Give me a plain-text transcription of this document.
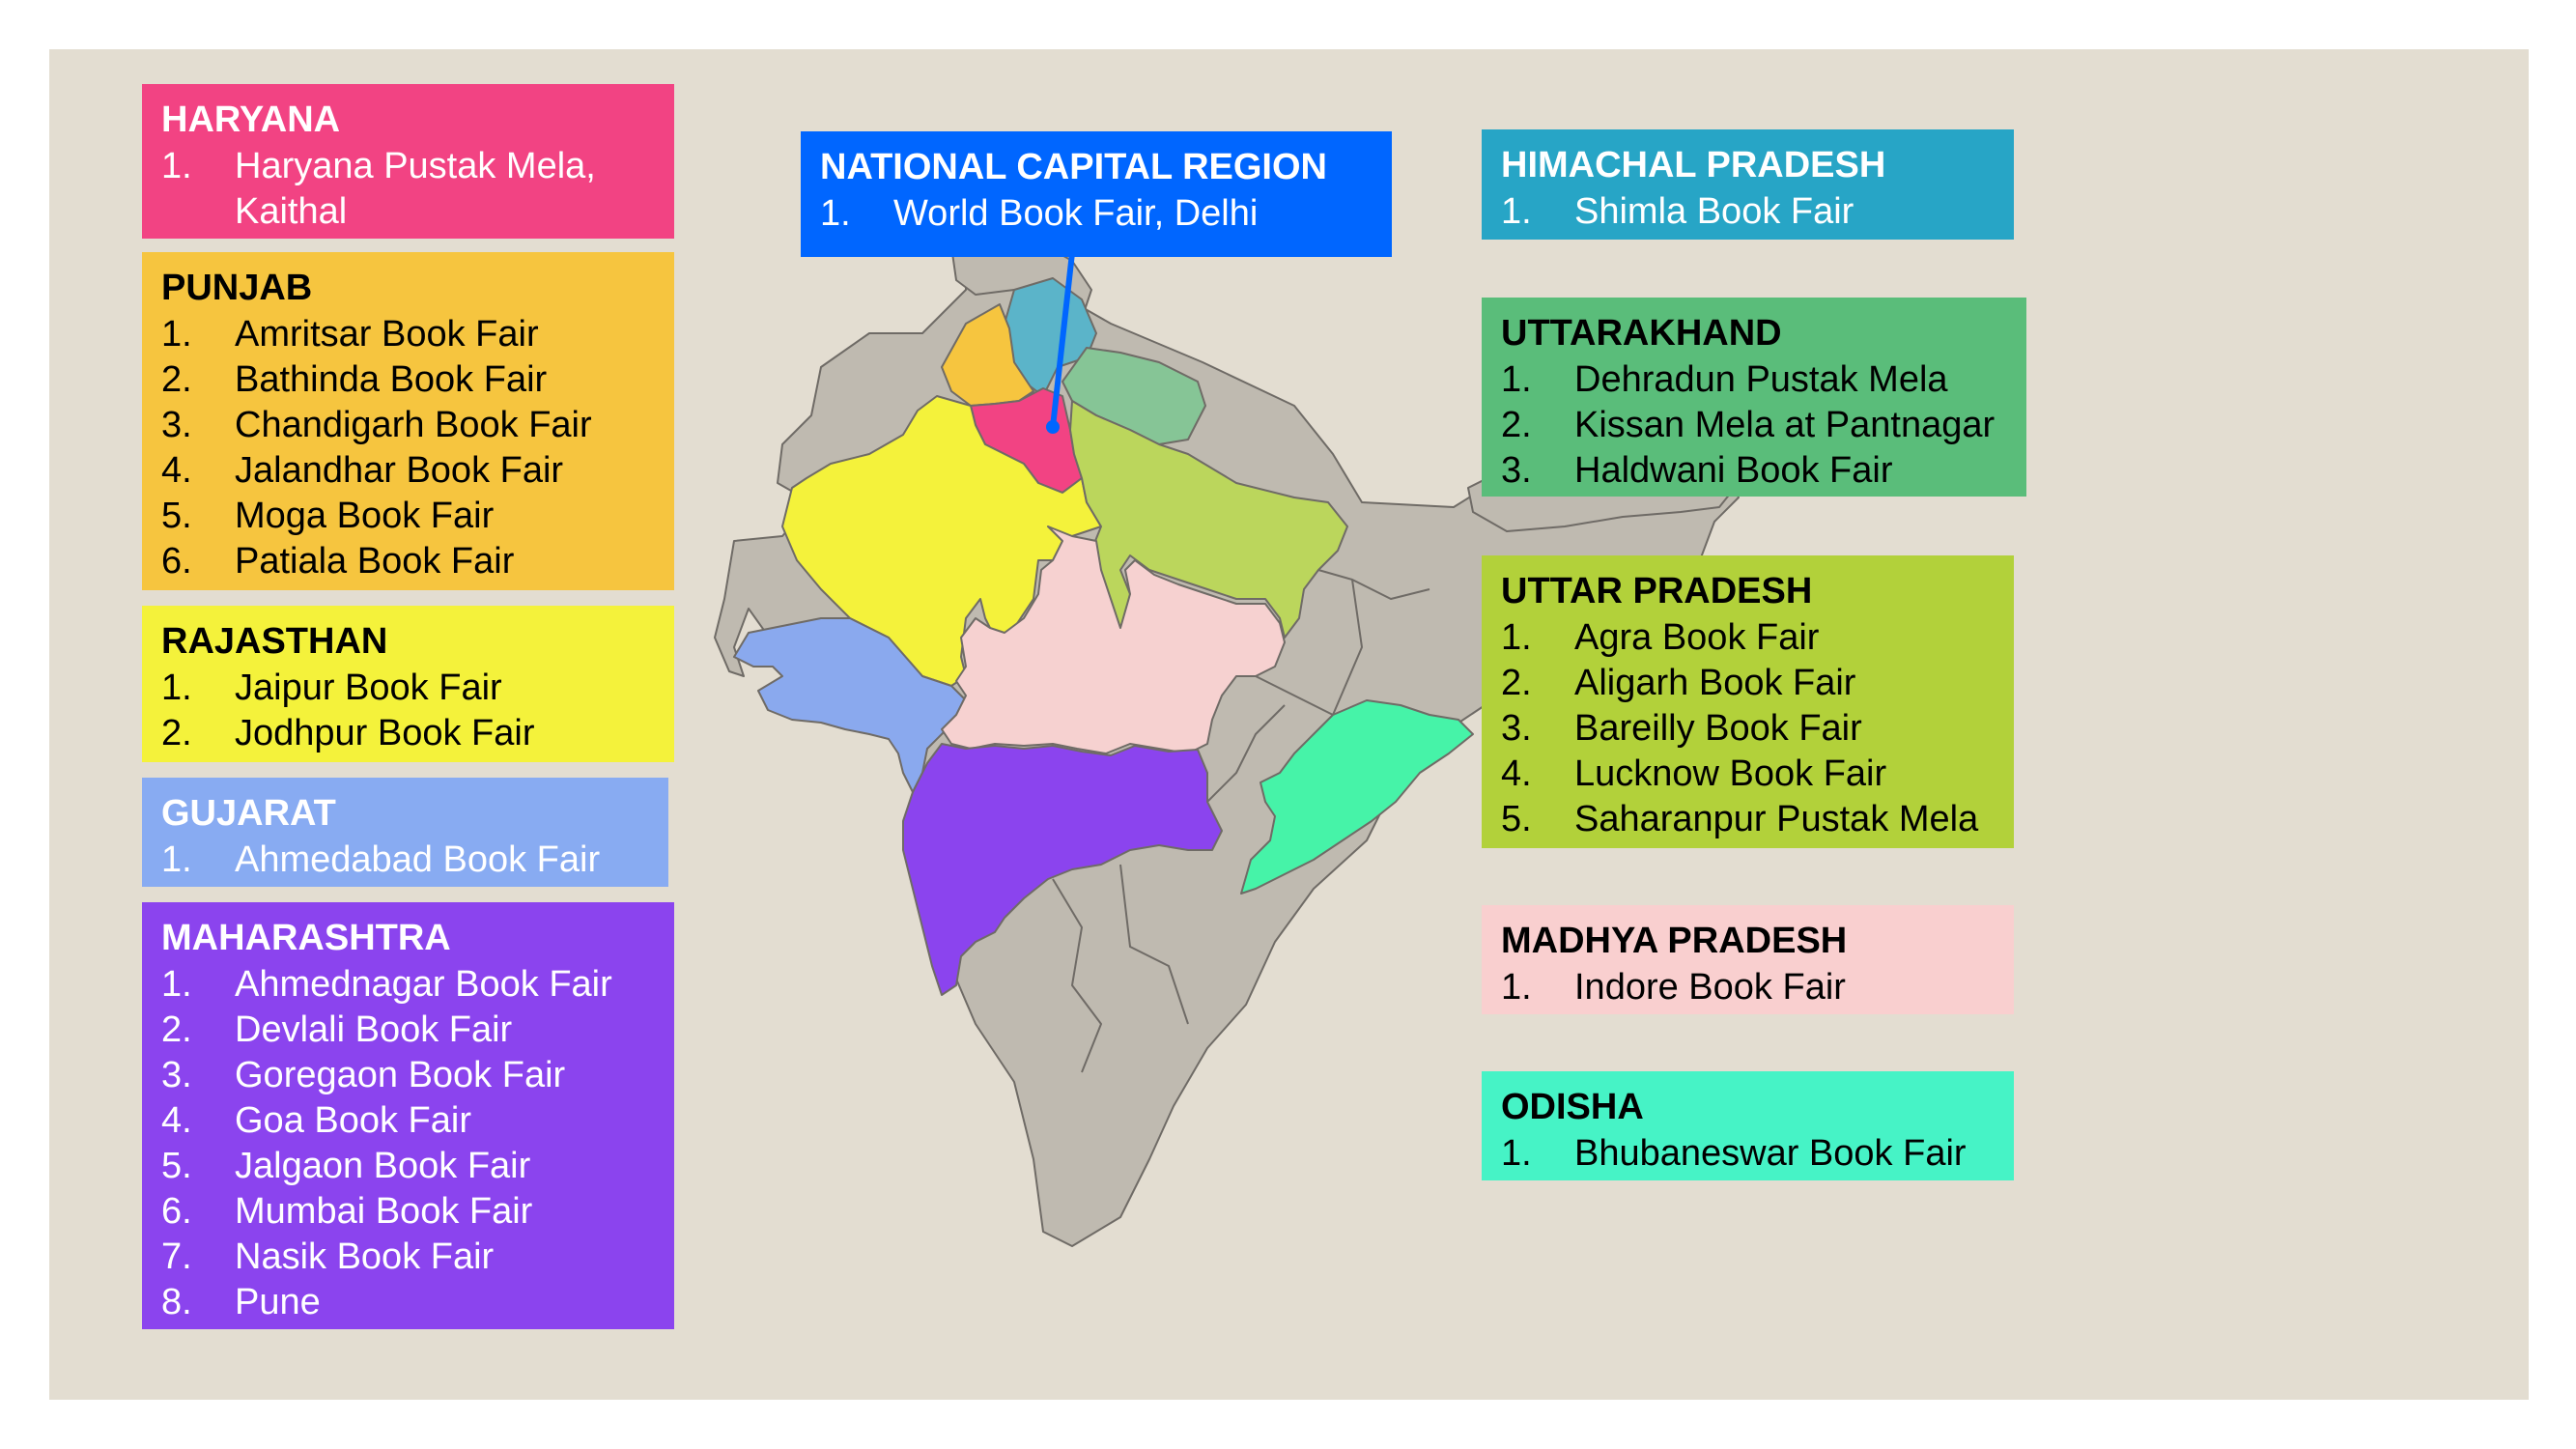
HARYANA
1. Haryana Pustak Mela,
Kaithal
PUNJAB
1. Amritsar Book Fair
2. Bathinda Book Fair
3. Chandigarh Book Fair
4. Jalandhar Book Fair
5. Moga Book Fair
6. Patiala Book Fair
RAJASTHAN
1. Jaipur Book Fair
2. Jodhpur Book Fair
GUJARAT
1. Ahmedabad Book Fair
MAHARASHTRA
1. Ahmednagar Book Fair
2. Devlali Book Fair
3. Goregaon Book Fair
4. Goa Book Fair
5. Jalgaon Book Fair
6. Mumbai Book Fair
7. Nasik Book Fair
8. Pune
NATIONAL CAPITAL REGION
1. World Book Fair, Delhi
HIMACHAL PRADESH
1. Shimla Book Fair
UTTARAKHAND
1. Dehradun Pustak Mela
2. Kissan Mela at Pantnagar
3. Haldwani Book Fair
UTTAR PRADESH
1. Agra Book Fair
2. Aligarh Book Fair
3. Bareilly Book Fair
4. Lucknow Book Fair
5. Saharanpur Pustak Mela
MADHYA PRADESH
1. Indore Book Fair
ODISHA
1. Bhubaneswar Book Fair
